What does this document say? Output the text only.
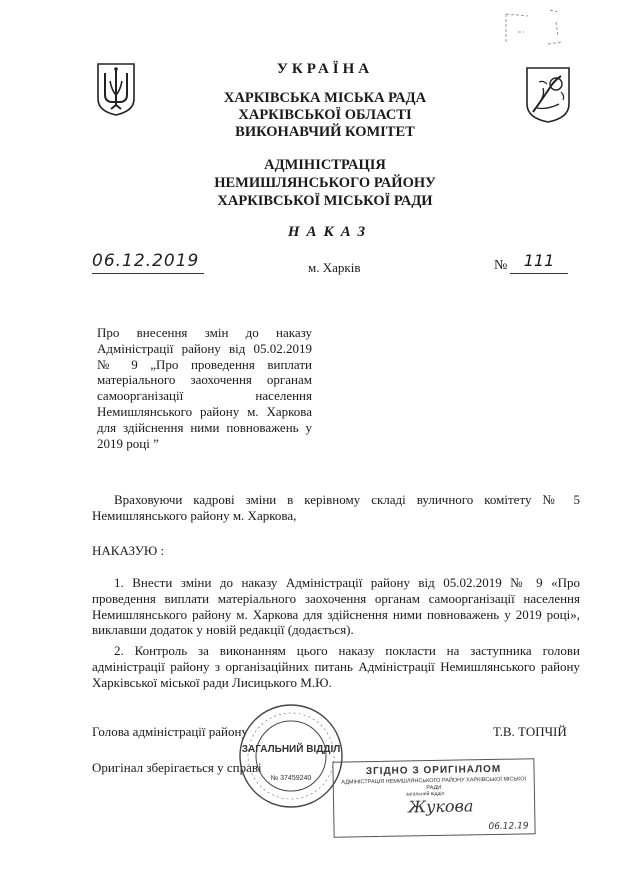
УКРАЇНА
ХАРКІВСЬКА МІСЬКА РАДА
ХАРКІВСЬКОЇ ОБЛАСТІ
ВИКОНАВЧИЙ КОМІТЕТ
АДМІНІСТРАЦІЯ
НЕМИШЛЯНСЬКОГО РАЙОНУ
ХАРКІВСЬКОЇ МІСЬКОЇ РАДИ
НАКАЗ
06.12.2019	м. Харків	№	111
Про внесення змін до наказу Адміністрації району від 05.02.2019 № 9 „Про проведення виплати матеріального заохочення органам самоорганізації населення Немишлянського району м. Харкова для здійснення ними повноважень у 2019 році ”
Враховуючи кадрові зміни в керівному складі вуличного комітету № 5 Немишлянського району м. Харкова,
НАКАЗУЮ :
1. Внести зміни до наказу Адміністрації району від 05.02.2019 № 9 «Про проведення виплати матеріального заохочення органам самоорганізації населення Немишлянського району м. Харкова для здійснення ними повноважень у 2019 році», виклавши додаток у новій редакції (додається).
2. Контроль за виконанням цього наказу покласти на заступника голови адміністрації району з організаційних питань Адміністрації Немишлянського району Харківської міської ради Лисицького М.Ю.
Голова адміністрації району	Т.В. ТОПЧІЙ
Оригінал зберігається у справі
ЗАГАЛЬНИЙ ВІДДІЛ
№ 37459240
ЗГІДНО З ОРИГІНАЛОМ
АДМІНІСТРАЦІЯ НЕМИШЛЯНСЬКОГО РАЙОНУ ХАРКІВСЬКОЇ МІСЬКОЇ РАДИ
загальний відділ
Жукова
06.12.19
